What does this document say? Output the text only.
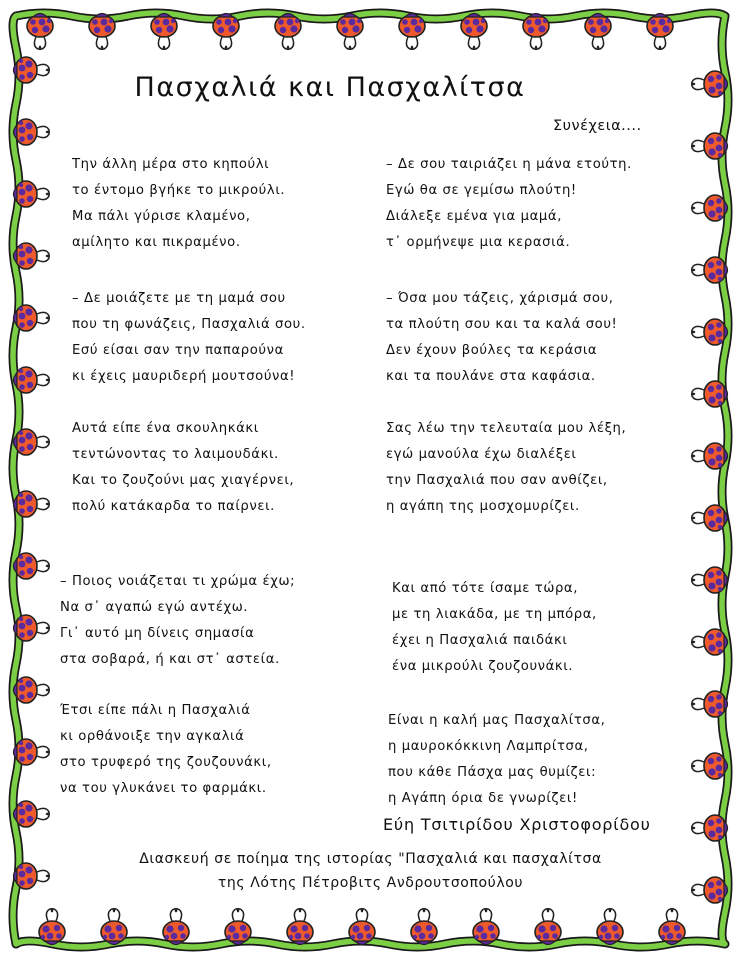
Πασχαλιά και Πασχαλίτσα
Συνέχεια....
Την άλλη μέρα στο κηπούλι
το έντομο βγήκε το μικρούλι.
Μα πάλι γύρισε κλαμένο,
αμίλητο και πικραμένο.
– Δε μοιάζετε με τη μαμά σου
που τη φωνάζεις, Πασχαλιά σου.
Εσύ είσαι σαν την παπαρούνα
κι έχεις μαυριδερή μουτσούνα!
Αυτά είπε ένα σκουληκάκι
τεντώνοντας το λαιμουδάκι.
Και το ζουζούνι μας χιαγέρνει,
πολύ κατάκαρδα το παίρνει.
– Ποιος νοιάζεται τι χρώμα έχω;
Να σ᾽ αγαπώ εγώ αντέχω.
Γι᾽ αυτό μη δίνεις σημασία
στα σοβαρά, ή και στ᾽ αστεία.
Έτσι είπε πάλι η Πασχαλιά
κι ορθάνοιξε την αγκαλιά
στο τρυφερό της ζουζουνάκι,
να του γλυκάνει το φαρμάκι.
– Δε σου ταιριάζει η μάνα ετούτη.
Εγώ θα σε γεμίσω πλούτη!
Διάλεξε εμένα για μαμά,
τ᾽ ορμήνεψε μια κερασιά.
– Όσα μου τάζεις, χάρισμά σου,
τα πλούτη σου και τα καλά σου!
Δεν έχουν βούλες τα κεράσια
και τα πουλάνε στα καφάσια.
Σας λέω την τελευταία μου λέξη,
εγώ μανούλα έχω διαλέξει
την Πασχαλιά που σαν ανθίζει,
η αγάπη της μοσχομυρίζει.
Και από τότε ίσαμε τώρα,
με τη λιακάδα, με τη μπόρα,
έχει η Πασχαλιά παιδάκι
ένα μικρούλι ζουζουνάκι.
Είναι η καλή μας Πασχαλίτσα,
η μαυροκόκκινη Λαμπρίτσα,
που κάθε Πάσχα μας θυμίζει:
η Αγάπη όρια δε γνωρίζει!
Εύη Τσιτιρίδου Χριστοφορίδου
Διασκευή σε ποίημα της ιστορίας "Πασχαλιά και πασχαλίτσα
της Λότης Πέτροβιτς Ανδρουτσοπούλου
